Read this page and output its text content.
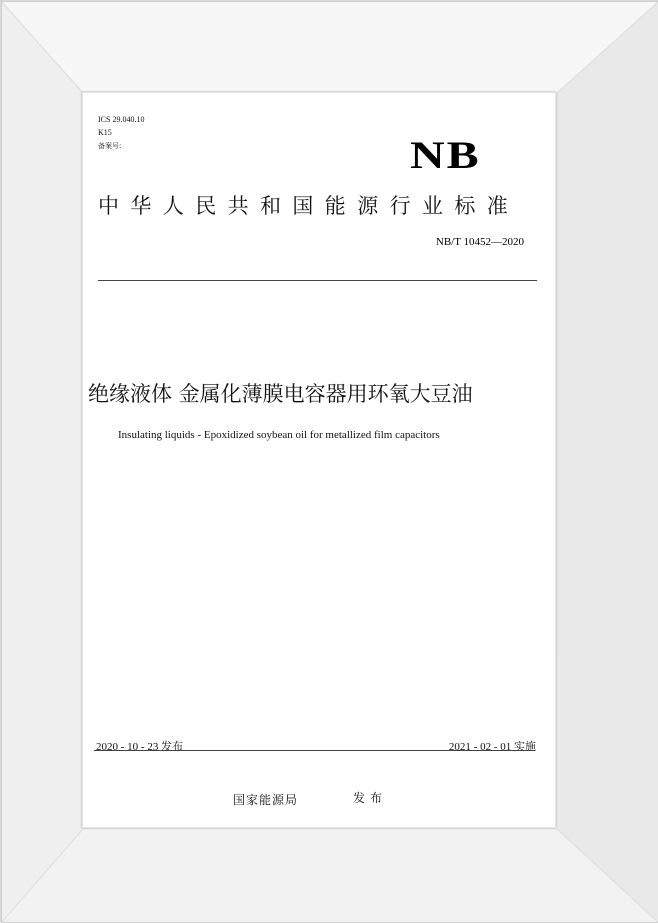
ICS 29.040.10
K15
备案号:	NB
中华人民共和国能源行业标准
NB/T 10452—2020
绝缘液体 金属化薄膜电容器用环氧大豆油
Insulating liquids - Epoxidized soybean oil for metallized film capacitors
2020 - 10 - 23 发布	2021 - 02 - 01 实施
国家能源局	发布
